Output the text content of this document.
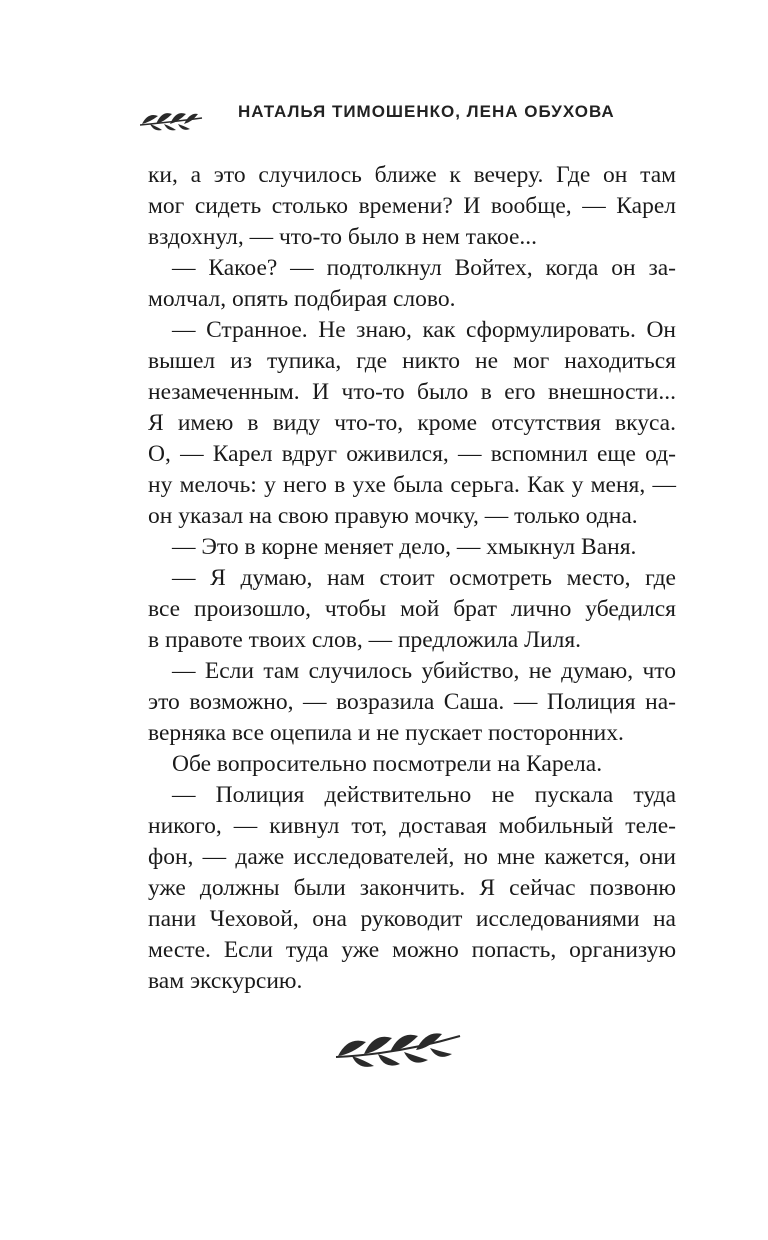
НАТАЛЬЯ ТИМОШЕНКО, ЛЕНА ОБУХОВА
ки, а это случилось ближе к вечеру. Где он там
мог сидеть столько времени? И вообще, — Карел
вздохнул, — что-то было в нем такое...
— Какое? — подтолкнул Войтех, когда он за-
молчал, опять подбирая слово.
— Странное. Не знаю, как сформулировать. Он
вышел из тупика, где никто не мог находиться
незамеченным. И что-то было в его внешности...
Я имею в виду что-то, кроме отсутствия вкуса.
О, — Карел вдруг оживился, — вспомнил еще од-
ну мелочь: у него в ухе была серьга. Как у меня, —
он указал на свою правую мочку, — только одна.
— Это в корне меняет дело, — хмыкнул Ваня.
— Я думаю, нам стоит осмотреть место, где
все произошло, чтобы мой брат лично убедился
в правоте твоих слов, — предложила Лиля.
— Если там случилось убийство, не думаю, что
это возможно, — возразила Саша. — Полиция на-
верняка все оцепила и не пускает посторонних.
Обе вопросительно посмотрели на Карела.
— Полиция действительно не пускала туда
никого, — кивнул тот, доставая мобильный теле-
фон, — даже исследователей, но мне кажется, они
уже должны были закончить. Я сейчас позвоню
пани Чеховой, она руководит исследованиями на
месте. Если туда уже можно попасть, организую
вам экскурсию.
